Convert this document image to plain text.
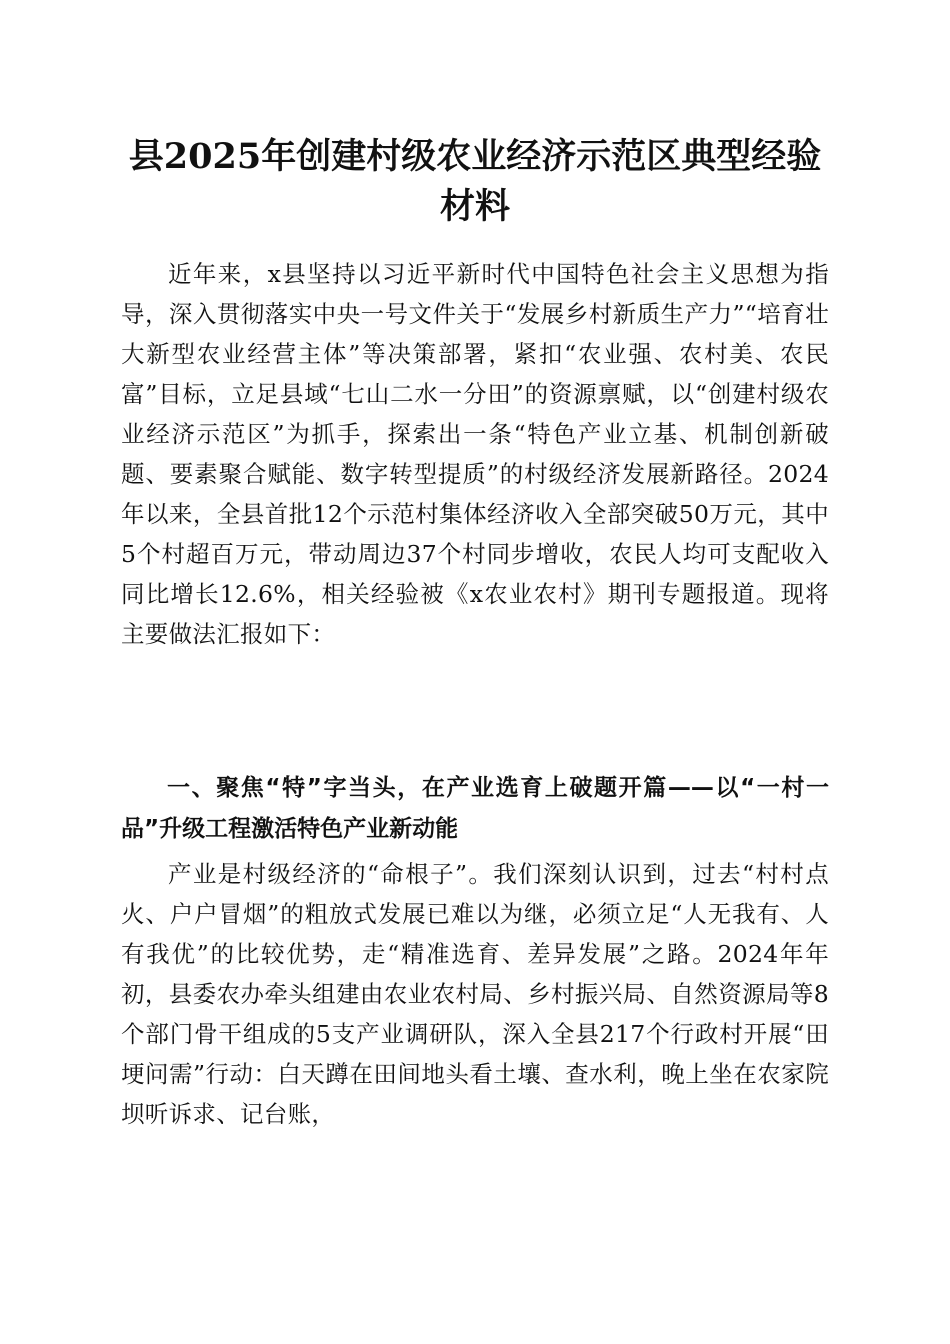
县2025年创建村级农业经济示范区典型经验
材料

近年来，x县坚持以习近平新时代中国特色社会主义思想为指导，深入贯彻落实中央一号文件关于“发展乡村新质生产力”“培育壮大新型农业经营主体”等决策部署，紧扣“农业强、农村美、农民富”目标，立足县域“七山二水一分田”的资源禀赋，以“创建村级农业经济示范区”为抓手，探索出一条“特色产业立基、机制创新破题、要素聚合赋能、数字转型提质”的村级经济发展新路径。2024年以来，全县首批12个示范村集体经济收入全部突破50万元，其中5个村超百万元，带动周边37个村同步增收，农民人均可支配收入同比增长12.6%，相关经验被《x农业农村》期刊专题报道。现将主要做法汇报如下：

一、聚焦“特”字当头，在产业选育上破题开篇——以“一村一品”升级工程激活特色产业新动能

产业是村级经济的“命根子”。我们深刻认识到，过去“村村点火、户户冒烟”的粗放式发展已难以为继，必须立足“人无我有、人有我优”的比较优势，走“精准选育、差异发展”之路。2024年年初，县委农办牵头组建由农业农村局、乡村振兴局、自然资源局等8个部门骨干组成的5支产业调研队，深入全县217个行政村开展“田埂问需”行动：白天蹲在田间地头看土壤、查水利，晚上坐在农家院坝听诉求、记台账，
